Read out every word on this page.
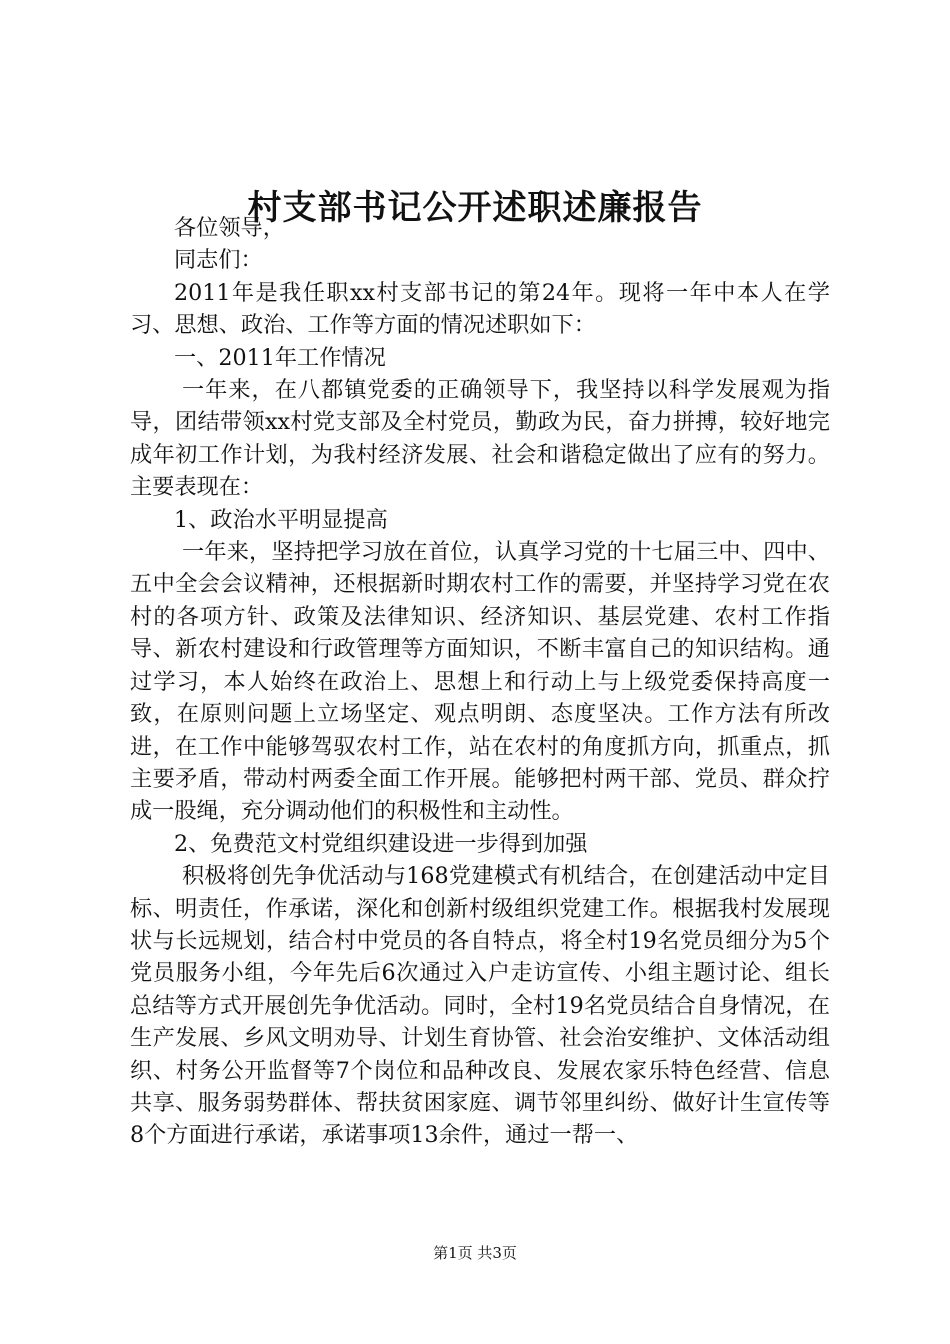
村支部书记公开述职述廉报告

各位领导，

同志们：

2011年是我任职xx村支部书记的第24年。现将一年中本人在学习、思想、政治、工作等方面的情况述职如下：

一、2011年工作情况

一年来，在八都镇党委的正确领导下，我坚持以科学发展观为指导，团结带领xx村党支部及全村党员，勤政为民，奋力拼搏，较好地完成年初工作计划，为我村经济发展、社会和谐稳定做出了应有的努力。主要表现在：

1、政治水平明显提高

一年来，坚持把学习放在首位，认真学习党的十七届三中、四中、五中全会会议精神，还根据新时期农村工作的需要，并坚持学习党在农村的各项方针、政策及法律知识、经济知识、基层党建、农村工作指导、新农村建设和行政管理等方面知识，不断丰富自己的知识结构。通过学习，本人始终在政治上、思想上和行动上与上级党委保持高度一致，在原则问题上立场坚定、观点明朗、态度坚决。工作方法有所改进，在工作中能够驾驭农村工作，站在农村的角度抓方向，抓重点，抓主要矛盾，带动村两委全面工作开展。能够把村两干部、党员、群众拧成一股绳，充分调动他们的积极性和主动性。

2、免费范文村党组织建设进一步得到加强

积极将创先争优活动与168党建模式有机结合，在创建活动中定目标、明责任，作承诺，深化和创新村级组织党建工作。根据我村发展现状与长远规划，结合村中党员的各自特点，将全村19名党员细分为5个党员服务小组，今年先后6次通过入户走访宣传、小组主题讨论、组长总结等方式开展创先争优活动。同时，全村19名党员结合自身情况，在生产发展、乡风文明劝导、计划生育协管、社会治安维护、文体活动组织、村务公开监督等7个岗位和品种改良、发展农家乐特色经营、信息共享、服务弱势群体、帮扶贫困家庭、调节邻里纠纷、做好计生宣传等8个方面进行承诺，承诺事项13余件，通过一帮一、

第1页 共3页
